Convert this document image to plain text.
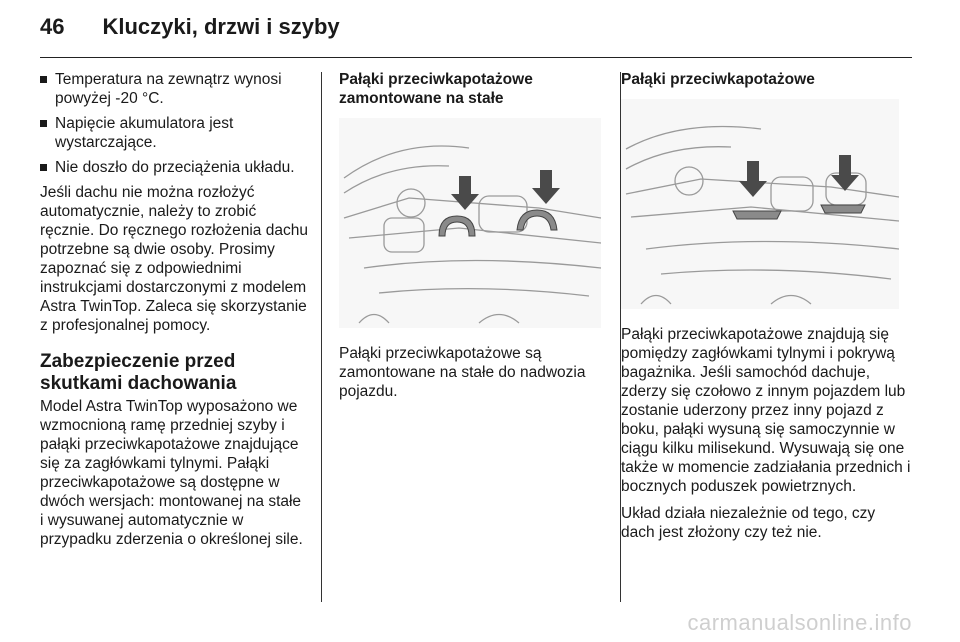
46 Kluczyki, drzwi i szyby
Temperatura na zewnątrz wynosi powyżej -20 °C.
Napięcie akumulatora jest wystarczające.
Nie doszło do przeciążenia układu.

Jeśli dachu nie można rozłożyć automatycznie, należy to zrobić ręcznie. Do ręcznego rozłożenia dachu potrzebne są dwie osoby. Prosimy zapoznać się z odpowiednimi instrukcjami dostarczonymi z modelem Astra TwinTop. Zaleca się skorzystanie z profesjonalnej pomocy.

Zabezpieczenie przed skutkami dachowania

Model Astra TwinTop wyposażono we wzmocnioną ramę przedniej szyby i pałąki przeciwkapotażowe znajdujące się za zagłówkami tylnymi. Pałąki przeciwkapotażowe są dostępne w dwóch wersjach: montowanej na stałe i wysuwanej automatycznie w przypadku zderzenia o określonej sile.

Pałąki przeciwkapotażowe zamontowane na stałe

Pałąki przeciwkapotażowe są zamontowane na stałe do nadwozia pojazdu.

Pałąki przeciwkapotażowe

Pałąki przeciwkapotażowe znajdują się pomiędzy zagłówkami tylnymi i pokrywą bagażnika. Jeśli samochód dachuje, zderzy się czołowo z innym pojazdem lub zostanie uderzony przez inny pojazd z boku, pałąki wysuną się samoczynnie w ciągu kilku milisekund. Wysuwają się one także w momencie zadziałania przednich i bocznych poduszek powietrznych.

Układ działa niezależnie od tego, czy dach jest złożony czy też nie.

carmanualsonline.info
